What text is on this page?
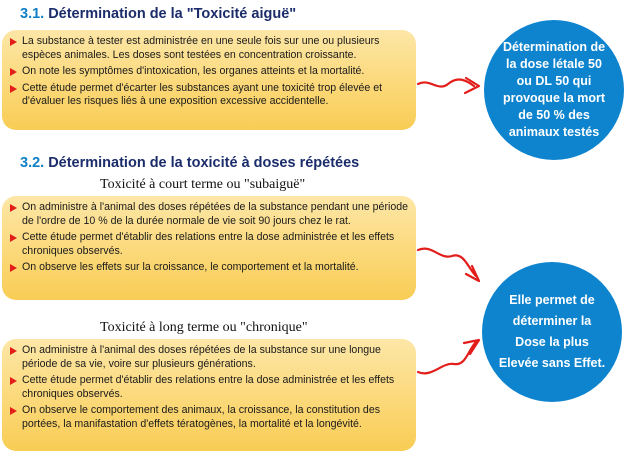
3.1. Détermination de la "Toxicité aiguë"
La substance à tester est administrée en une seule fois sur une ou plusieurs espèces animales. Les doses sont testées en concentration croissante.
On note les symptômes d'intoxication, les organes atteints et la mortalité.
Cette étude permet d'écarter les substances ayant une toxicité trop élevée et d'évaluer les risques liés à une exposition excessive accidentelle.
Détermination de la dose létale 50 ou DL 50 qui provoque la mort de 50 % des animaux testés
3.2. Détermination de la toxicité à doses répétées
Toxicité à court terme ou "subaiguë"
On administre à l'animal des doses répétées de la substance pendant une période de l'ordre de 10 % de la durée normale de vie soit 90 jours chez le rat.
Cette étude permet d'établir des relations entre la dose administrée et les effets chroniques observés.
On observe les effets sur la croissance, le comportement et la mortalité.
Toxicité à long terme ou "chronique"
On administre à l'animal des doses répétées de la substance sur une longue période de sa vie, voire sur plusieurs générations.
Cette étude permet d'établir des relations entre la dose administrée et les effets chroniques observés.
On observe le comportement des animaux, la croissance, la constitution des portées, la manifastation d'effets tératogènes, la mortalité et la longévité.
Elle permet de déterminer la Dose la plus Elevée sans Effet.
